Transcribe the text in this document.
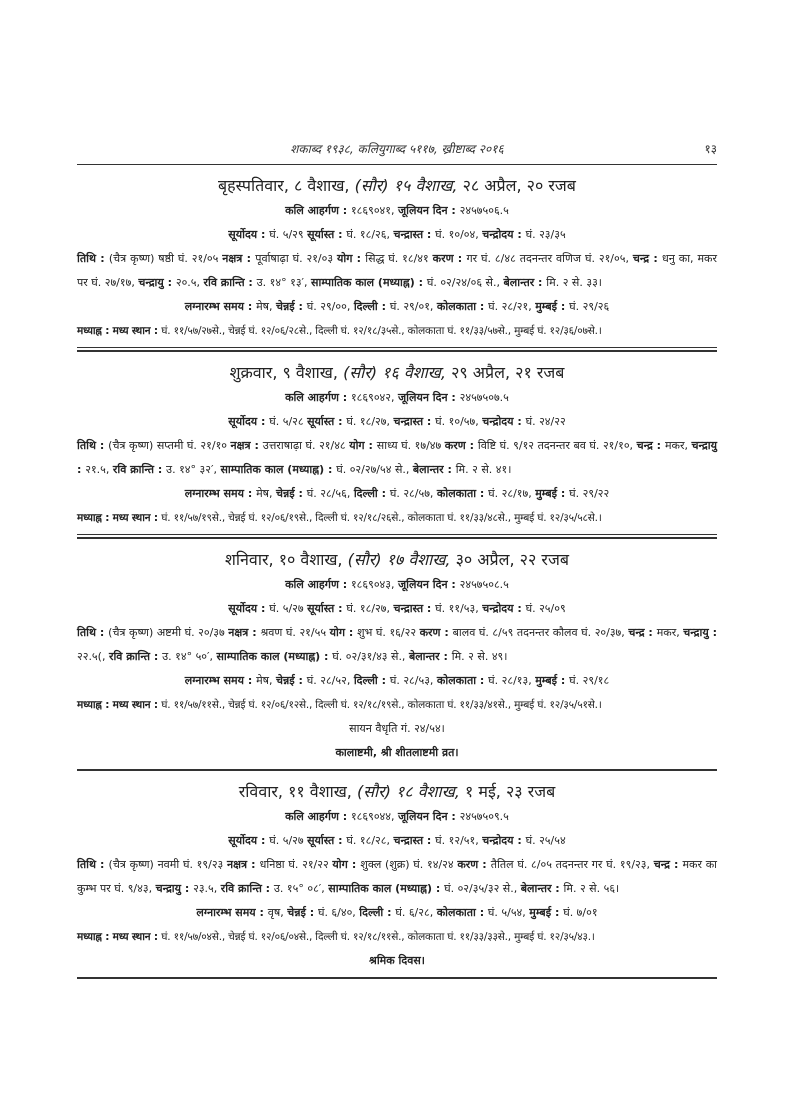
शकाब्द १९३८, कलियुगाब्द ५११७, ख्रीष्टाब्द २०१६	१३
बृहस्पतिवार, ८ वैशाख, (सौर) १५ वैशाख, २८ अप्रैल, २० रजब
कलि आहर्गण : १८६९०४१, जूलियन दिन : २४५७५०६.५
सूर्योदय : घं. ५/२९ सूर्यास्त : घं. १८/२६, चन्द्रास्त : घं. १०/०४, चन्द्रोदय : घं. २३/३५
तिथि : (चैत्र कृष्ण) षष्ठी घं. २१/०५ नक्षत्र : पूर्वाषाढ़ा घं. २१/०३ योग : सिद्ध घं. १८/४१ करण : गर घं. ८/४८ तदनन्तर वणिज घं. २१/०५, चन्द्र : धनु का, मकर पर घं. २७/१७, चन्द्रायु : २०.५, रवि क्रान्ति : उ. १४° १३′, साम्पातिक काल (मध्याह्न) : घं. ०२/२४/०६ से., बेलान्तर : मि. २ से. ३३।
लग्नारम्भ समय : मेष, चेन्नई : घं. २९/००, दिल्ली : घं. २९/०१, कोलकाता : घं. २८/२१, मुम्बई : घं. २९/२६
मध्याह्न : मध्य स्थान : घं. ११/५७/२७से., चेन्नई घं. १२/०६/२८से., दिल्ली घं. १२/१८/३५से., कोलकाता घं. ११/३३/५७से., मुम्बई घं. १२/३६/०७से.।
शुक्रवार, ९ वैशाख, (सौर) १६ वैशाख, २९ अप्रैल, २१ रजब
कलि आहर्गण : १८६९०४२, जूलियन दिन : २४५७५०७.५
सूर्योदय : घं. ५/२८ सूर्यास्त : घं. १८/२७, चन्द्रास्त : घं. १०/५७, चन्द्रोदय : घं. २४/२२
तिथि : (चैत्र कृष्ण) सप्तमी घं. २१/१० नक्षत्र : उत्तराषाढ़ा घं. २१/४८ योग : साध्य घं. १७/४७ करण : विष्टि घं. ९/१२ तदनन्तर बव घं. २१/१०, चन्द्र : मकर, चन्द्रायु : २१.५, रवि क्रान्ति : उ. १४° ३२′, साम्पातिक काल (मध्याह्न) : घं. ०२/२७/५४ से., बेलान्तर : मि. २ से. ४१।
लग्नारम्भ समय : मेष, चेन्नई : घं. २८/५६, दिल्ली : घं. २८/५७, कोलकाता : घं. २८/१७, मुम्बई : घं. २९/२२
मध्याह्न : मध्य स्थान : घं. ११/५७/१९से., चेन्नई घं. १२/०६/१९से., दिल्ली घं. १२/१८/२६से., कोलकाता घं. ११/३३/४८से., मुम्बई घं. १२/३५/५८से.।
शनिवार, १० वैशाख, (सौर) १७ वैशाख, ३० अप्रैल, २२ रजब
कलि आहर्गण : १८६९०४३, जूलियन दिन : २४५७५०८.५
सूर्योदय : घं. ५/२७ सूर्यास्त : घं. १८/२७, चन्द्रास्त : घं. ११/५३, चन्द्रोदय : घं. २५/०९
तिथि : (चैत्र कृष्ण) अष्टमी घं. २०/३७ नक्षत्र : श्रवण घं. २१/५५ योग : शुभ घं. १६/२२ करण : बालव घं. ८/५९ तदनन्तर कौलव घं. २०/३७, चन्द्र : मकर, चन्द्रायु : २२.५(, रवि क्रान्ति : उ. १४° ५०′, साम्पातिक काल (मध्याह्न) : घं. ०२/३१/४३ से., बेलान्तर : मि. २ से. ४९।
लग्नारम्भ समय : मेष, चेन्नई : घं. २८/५२, दिल्ली : घं. २८/५३, कोलकाता : घं. २८/१३, मुम्बई : घं. २९/१८
मध्याह्न : मध्य स्थान : घं. ११/५७/११से., चेन्नई घं. १२/०६/१२से., दिल्ली घं. १२/१८/१९से., कोलकाता घं. ११/३३/४१से., मुम्बई घं. १२/३५/५१से.।
सायन वैधृति गं. २४/५४।
कालाष्टमी, श्री शीतलाष्टमी व्रत।
रविवार, ११ वैशाख, (सौर) १८ वैशाख, १ मई, २३ रजब
कलि आहर्गण : १८६९०४४, जूलियन दिन : २४५७५०९.५
सूर्योदय : घं. ५/२७ सूर्यास्त : घं. १८/२८, चन्द्रास्त : घं. १२/५१, चन्द्रोदय : घं. २५/५४
तिथि : (चैत्र कृष्ण) नवमी घं. १९/२३ नक्षत्र : धनिष्ठा घं. २१/२२ योग : शुक्ल (शुक्र) घं. १४/२४ करण : तैतिल घं. ८/०५ तदनन्तर गर घं. १९/२३, चन्द्र : मकर का कुम्भ पर घं. ९/४३, चन्द्रायु : २३.५, रवि क्रान्ति : उ. १५° ०८′, साम्पातिक काल (मध्याह्न) : घं. ०२/३५/३२ से., बेलान्तर : मि. २ से. ५६।
लग्नारम्भ समय : वृष, चेन्नई : घं. ६/४०, दिल्ली : घं. ६/२८, कोलकाता : घं. ५/५४, मुम्बई : घं. ७/०१
मध्याह्न : मध्य स्थान : घं. ११/५७/०४से., चेन्नई घं. १२/०६/०४से., दिल्ली घं. १२/१८/११से., कोलकाता घं. ११/३३/३३से., मुम्बई घं. १२/३५/४३.।
श्रमिक दिवस।
